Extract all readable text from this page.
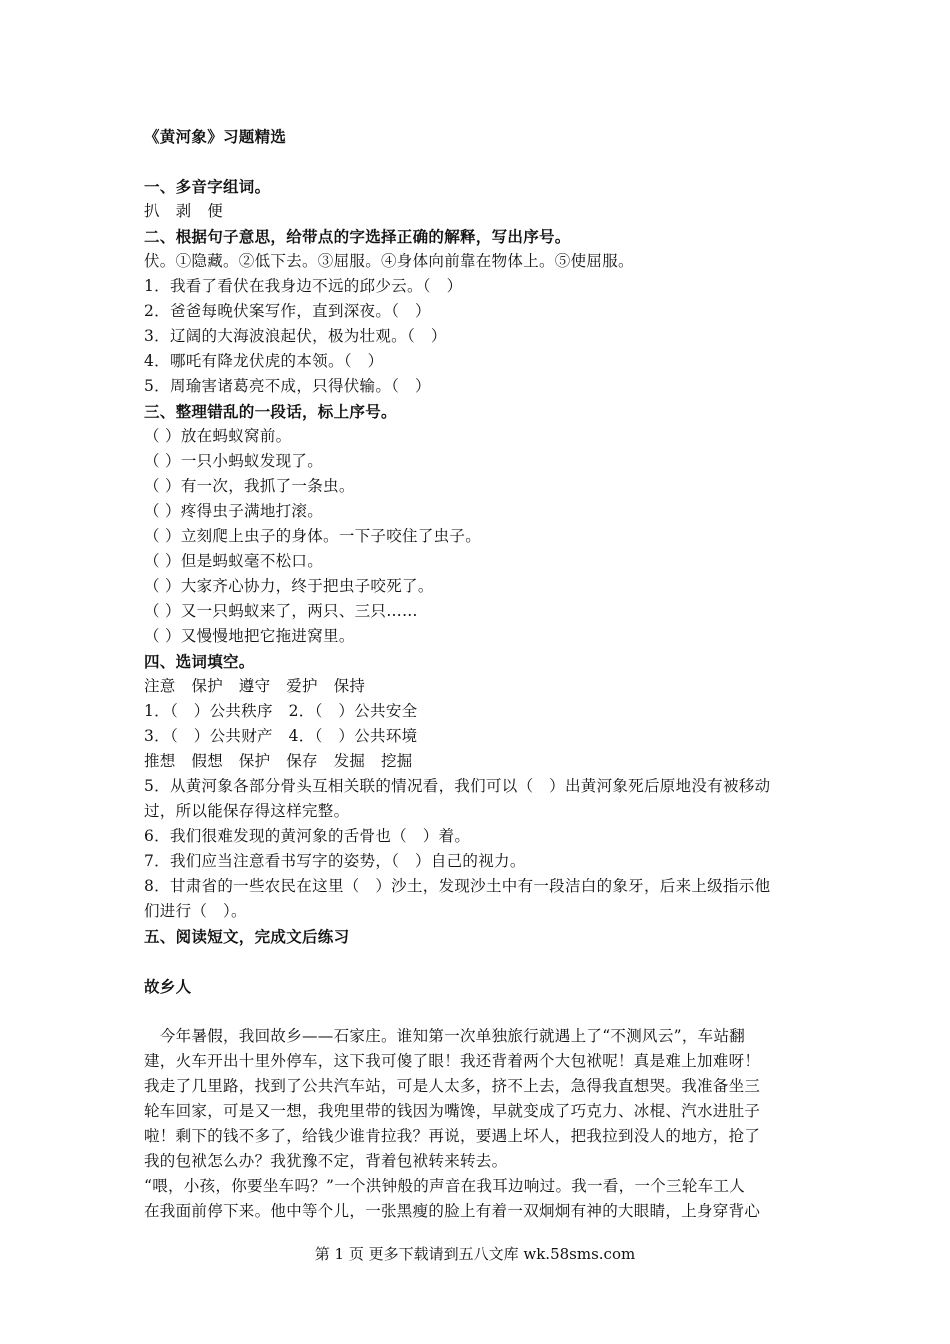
《黄河象》习题精选
一、多音字组词。
扒　剥　便
二、根据句子意思，给带点的字选择正确的解释，写出序号。
伏。①隐藏。②低下去。③屈服。④身体向前靠在物体上。⑤使屈服。
1．我看了看伏在我身边不远的邱少云。（　）
2．爸爸每晚伏案写作，直到深夜。（　）
3．辽阔的大海波浪起伏，极为壮观。（　）
4．哪吒有降龙伏虎的本领。（　）
5．周瑜害诸葛亮不成，只得伏输。（　）
三、整理错乱的一段话，标上序号。
（ ）放在蚂蚁窝前。
（ ）一只小蚂蚁发现了。
（ ）有一次，我抓了一条虫。
（ ）疼得虫子满地打滚。
（ ）立刻爬上虫子的身体。一下子咬住了虫子。
（ ）但是蚂蚁毫不松口。
（ ）大家齐心协力，终于把虫子咬死了。
（ ）又一只蚂蚁来了，两只、三只……
（ ）又慢慢地把它拖进窝里。
四、选词填空。
注意　保护　遵守　爱护　保持
1．（　）公共秩序　2．（　）公共安全
3．（　）公共财产　4．（　）公共环境
推想　假想　保护　保存　发掘　挖掘
5．从黄河象各部分骨头互相关联的情况看，我们可以（　）出黄河象死后原地没有被移动
过，所以能保存得这样完整。
6．我们很难发现的黄河象的舌骨也（　）着。
7．我们应当注意看书写字的姿势，（　）自己的视力。
8．甘肃省的一些农民在这里（　）沙土，发现沙土中有一段洁白的象牙，后来上级指示他
们进行（　）。
五、阅读短文，完成文后练习
故乡人
　今年暑假，我回故乡——石家庄。谁知第一次单独旅行就遇上了“不测风云”，车站翻
建，火车开出十里外停车，这下我可傻了眼！我还背着两个大包袱呢！真是难上加难呀！
我走了几里路，找到了公共汽车站，可是人太多，挤不上去，急得我直想哭。我准备坐三
轮车回家，可是又一想，我兜里带的钱因为嘴馋，早就变成了巧克力、冰棍、汽水进肚子
啦！剩下的钱不多了，给钱少谁肯拉我？再说，要遇上坏人，把我拉到没人的地方，抢了
我的包袱怎么办？我犹豫不定，背着包袱转来转去。
“喂，小孩，你要坐车吗？”一个洪钟般的声音在我耳边响过。我一看，一个三轮车工人
在我面前停下来。他中等个儿，一张黑瘦的脸上有着一双炯炯有神的大眼睛，上身穿背心
第 1 页 更多下载请到五八文库 wk.58sms.com
